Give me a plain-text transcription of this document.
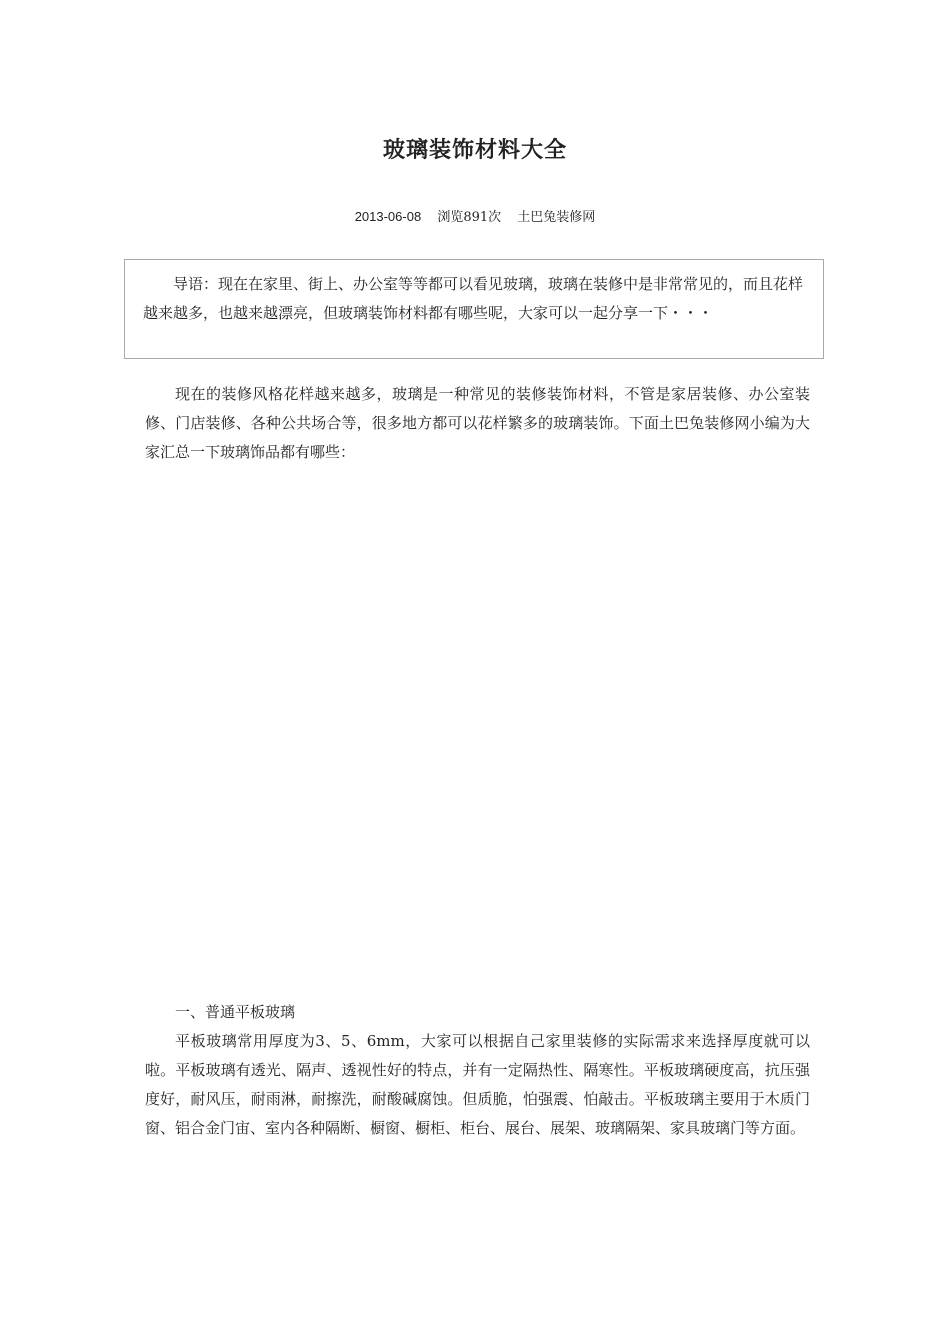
玻璃装饰材料大全
2013-06-08 浏览891次 土巴兔装修网

导语：现在在家里、街上、办公室等等都可以看见玻璃，玻璃在装修中是非常常见的，而且花样越来越多，也越来越漂亮，但玻璃装饰材料都有哪些呢，大家可以一起分享一下・・・

现在的装修风格花样越来越多，玻璃是一种常见的装修装饰材料，不管是家居装修、办公室装修、门店装修、各种公共场合等，很多地方都可以花样繁多的玻璃装饰。下面土巴兔装修网小编为大家汇总一下玻璃饰品都有哪些：

一、普通平板玻璃

平板玻璃常用厚度为3、5、6mm，大家可以根据自己家里装修的实际需求来选择厚度就可以啦。平板玻璃有透光、隔声、透视性好的特点，并有一定隔热性、隔寒性。平板玻璃硬度高，抗压强度好，耐风压，耐雨淋，耐擦洗，耐酸碱腐蚀。但质脆，怕强震、怕敲击。平板玻璃主要用于木质门窗、铝合金门宙、室内各种隔断、橱窗、橱柜、柜台、展台、展架、玻璃隔架、家具玻璃门等方面。
